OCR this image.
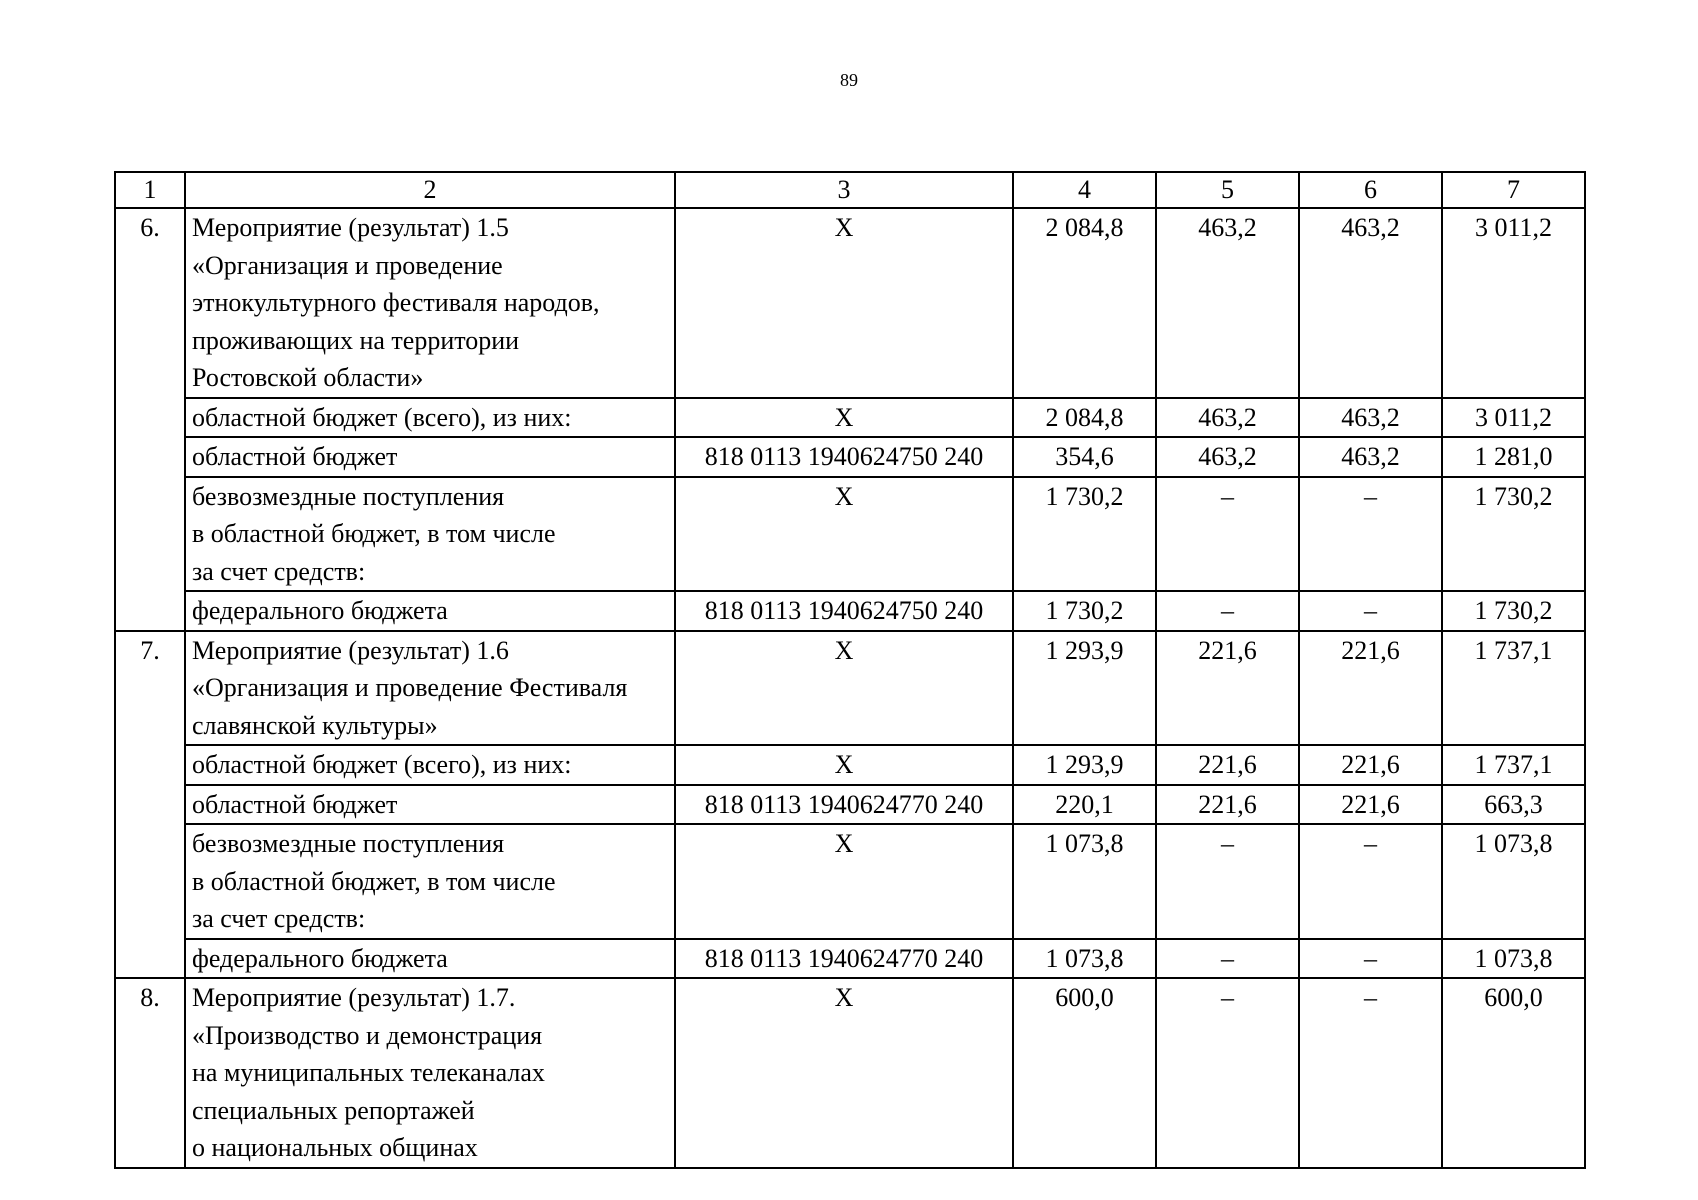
89
1	2	3	4	5	6	7
6.	Мероприятие (результат) 1.5
«Организация и проведение
этнокультурного фестиваля народов,
проживающих на территории
Ростовской области»	X	2 084,8	463,2	463,2	3 011,2
	областной бюджет (всего), из них:	X	2 084,8	463,2	463,2	3 011,2
	областной бюджет	818 0113 1940624750 240	354,6	463,2	463,2	1 281,0
	безвозмездные поступления
в областной бюджет, в том числе
за счет средств:	X	1 730,2	–	–	1 730,2
	федерального бюджета	818 0113 1940624750 240	1 730,2	–	–	1 730,2
7.	Мероприятие (результат) 1.6
«Организация и проведение Фестиваля
славянской культуры»	X	1 293,9	221,6	221,6	1 737,1
	областной бюджет (всего), из них:	X	1 293,9	221,6	221,6	1 737,1
	областной бюджет	818 0113 1940624770 240	220,1	221,6	221,6	663,3
	безвозмездные поступления
в областной бюджет, в том числе
за счет средств:	X	1 073,8	–	–	1 073,8
	федерального бюджета	818 0113 1940624770 240	1 073,8	–	–	1 073,8
8.	Мероприятие (результат) 1.7.
«Производство и демонстрация
на муниципальных телеканалах
специальных репортажей
о национальных общинах	X	600,0	–	–	600,0
